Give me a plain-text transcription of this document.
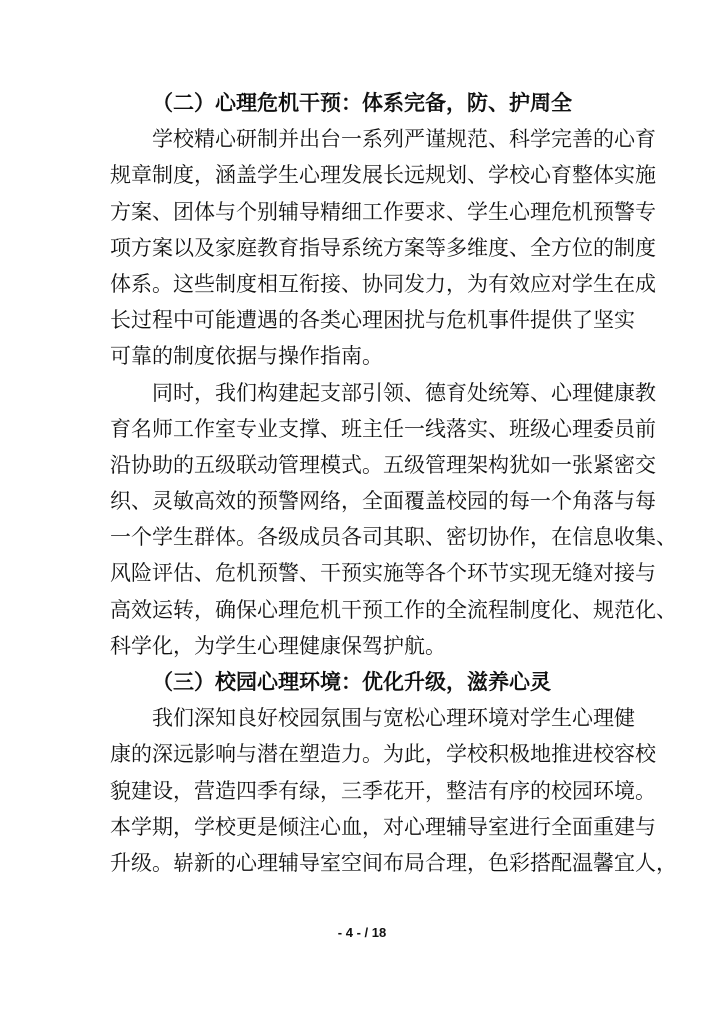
（二）心理危机干预：体系完备，防、护周全
学校精心研制并出台一系列严谨规范、科学完善的心育
规章制度，涵盖学生心理发展长远规划、学校心育整体实施
方案、团体与个别辅导精细工作要求、学生心理危机预警专
项方案以及家庭教育指导系统方案等多维度、全方位的制度
体系。这些制度相互衔接、协同发力，为有效应对学生在成
长过程中可能遭遇的各类心理困扰与危机事件提供了坚实
可靠的制度依据与操作指南。
同时，我们构建起支部引领、德育处统筹、心理健康教
育名师工作室专业支撑、班主任一线落实、班级心理委员前
沿协助的五级联动管理模式。五级管理架构犹如一张紧密交
织、灵敏高效的预警网络，全面覆盖校园的每一个角落与每
一个学生群体。各级成员各司其职、密切协作，在信息收集、
风险评估、危机预警、干预实施等各个环节实现无缝对接与
高效运转，确保心理危机干预工作的全流程制度化、规范化、
科学化，为学生心理健康保驾护航。
（三）校园心理环境：优化升级，滋养心灵
我们深知良好校园氛围与宽松心理环境对学生心理健
康的深远影响与潜在塑造力。为此，学校积极地推进校容校
貌建设，营造四季有绿，三季花开，整洁有序的校园环境。
本学期，学校更是倾注心血，对心理辅导室进行全面重建与
升级。崭新的心理辅导室空间布局合理，色彩搭配温馨宜人，
- 4 - / 18
